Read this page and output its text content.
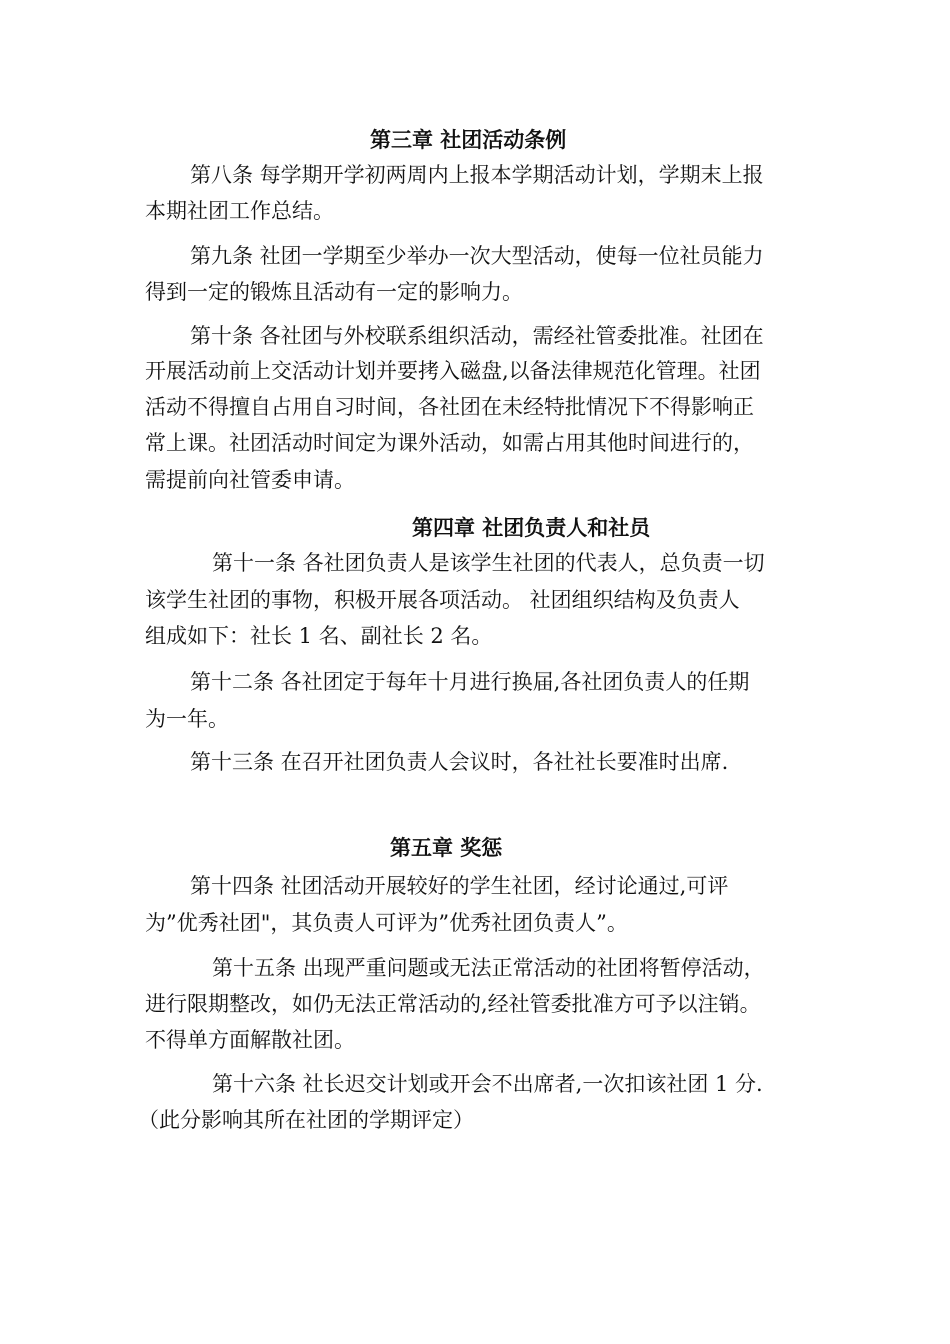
第三章 社团活动条例
第八条 每学期开学初两周内上报本学期活动计划，学期末上报
本期社团工作总结。
第九条 社团一学期至少举办一次大型活动，使每一位社员能力
得到一定的锻炼且活动有一定的影响力。
第十条 各社团与外校联系组织活动，需经社管委批准。社团在
开展活动前上交活动计划并要拷入磁盘,以备法律规范化管理。社团
活动不得擅自占用自习时间，各社团在未经特批情况下不得影响正
常上课。社团活动时间定为课外活动，如需占用其他时间进行的，
需提前向社管委申请。
第四章 社团负责人和社员
第十一条 各社团负责人是该学生社团的代表人，总负责一切
该学生社团的事物，积极开展各项活动。 社团组织结构及负责人
组成如下：社长 1 名、副社长 2 名。
第十二条 各社团定于每年十月进行换届,各社团负责人的任期
为一年。
第十三条 在召开社团负责人会议时，各社社长要准时出席.
第五章 奖惩
第十四条 社团活动开展较好的学生社团，经讨论通过,可评
为”优秀社团"，其负责人可评为”优秀社团负责人”。
第十五条 出现严重问题或无法正常活动的社团将暂停活动，
进行限期整改，如仍无法正常活动的,经社管委批准方可予以注销。
不得单方面解散社团。
第十六条 社长迟交计划或开会不出席者,一次扣该社团 1 分.
（此分影响其所在社团的学期评定）
